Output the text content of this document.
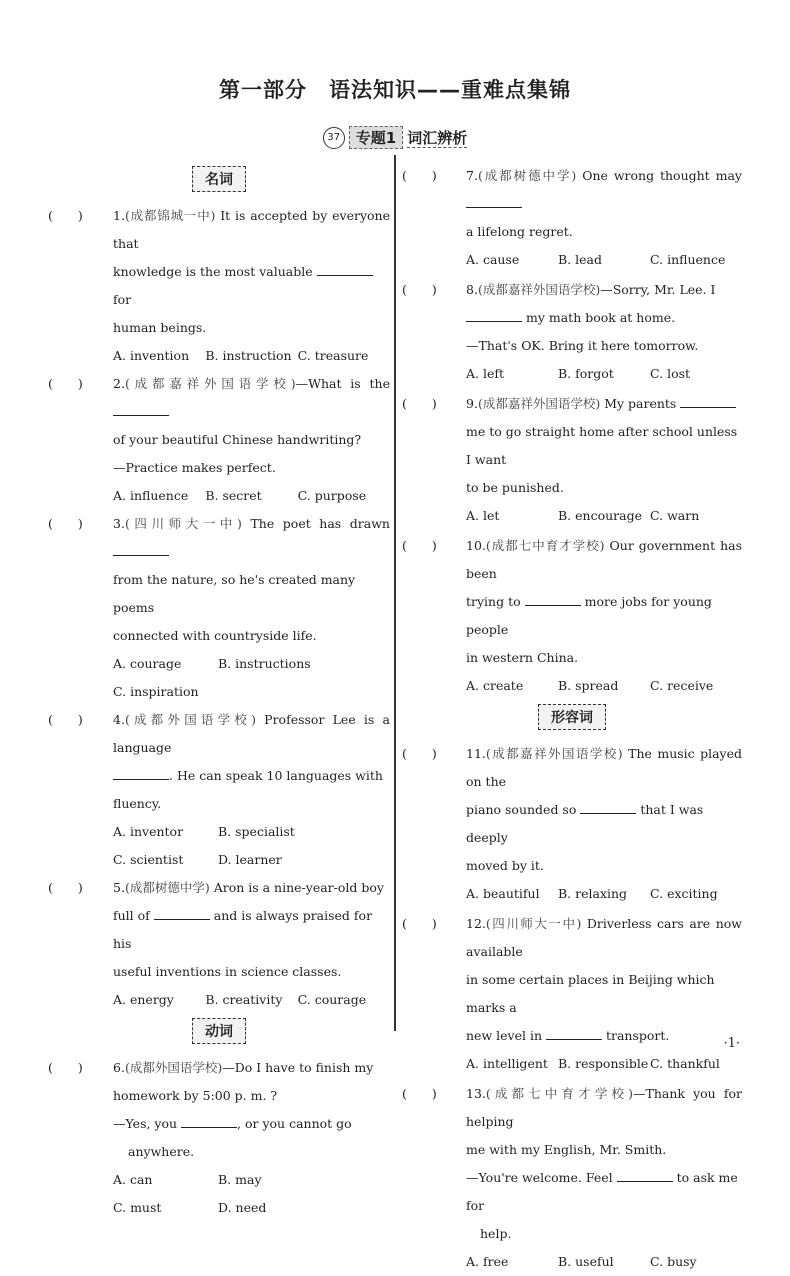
第一部分　语法知识——重难点集锦
37 专题1 词汇辨析
名词
(　　) 1.(成都锦城一中) It is accepted by everyone that
knowledge is the most valuable  for
human beings.
A. invention	B. instruction C. treasure
(　　) 2.(成都嘉祥外国语学校)—What is the
of your beautiful Chinese handwriting?
—Practice makes perfect.
A. influence	B. secret	C. purpose
(　　) 3.(四川师大一中) The poet has drawn
from the nature, so he's created many poems
connected with countryside life.
A. courage	B. instructions
C. inspiration
(　　) 4.(成都外国语学校) Professor Lee is a language
. He can speak 10 languages with
fluency.
A. inventor	B. specialist
C. scientist	D. learner
(　　) 5.(成都树德中学) Aron is a nine-year-old boy
full of	and is always praised for his
useful inventions in science classes.
A. energy	B. creativity	C. courage
动词
(　　) 6.(成都外国语学校)—Do I have to finish my
homework by 5:00 p. m. ?
—Yes, you	, or you cannot go
anywhere.
A. can	B. may
C. must	D. need
(　　) 7.(成都树德中学) One wrong thought may
a lifelong regret.
A. cause	B. lead	C. influence
(　　) 8.(成都嘉祥外国语学校)—Sorry, Mr. Lee. I
my math book at home.
—That's OK. Bring it here tomorrow.
A. left	B. forgot	C. lost
(　　) 9.(成都嘉祥外国语学校) My parents
me to go straight home after school unless I want
to be punished.
A. let	B. encourage C. warn
(　　) 10.(成都七中育才学校) Our government has been
trying to	more jobs for young people
in western China.
A. create	B. spread	C. receive
形容词
(　　) 11.(成都嘉祥外国语学校) The music played on the
piano sounded so	that I was deeply
moved by it.
A. beautiful	B. relaxing	C. exciting
(　　) 12.(四川师大一中) Driverless cars are now available
in some certain places in Beijing which marks a
new level in	transport.
A. intelligent B. responsible C. thankful
(　　) 13.(成都七中育才学校)—Thank you for helping
me with my English, Mr. Smith.
—You're welcome. Feel	to ask me for
help.
A. free	B. useful	C. busy
·1·
